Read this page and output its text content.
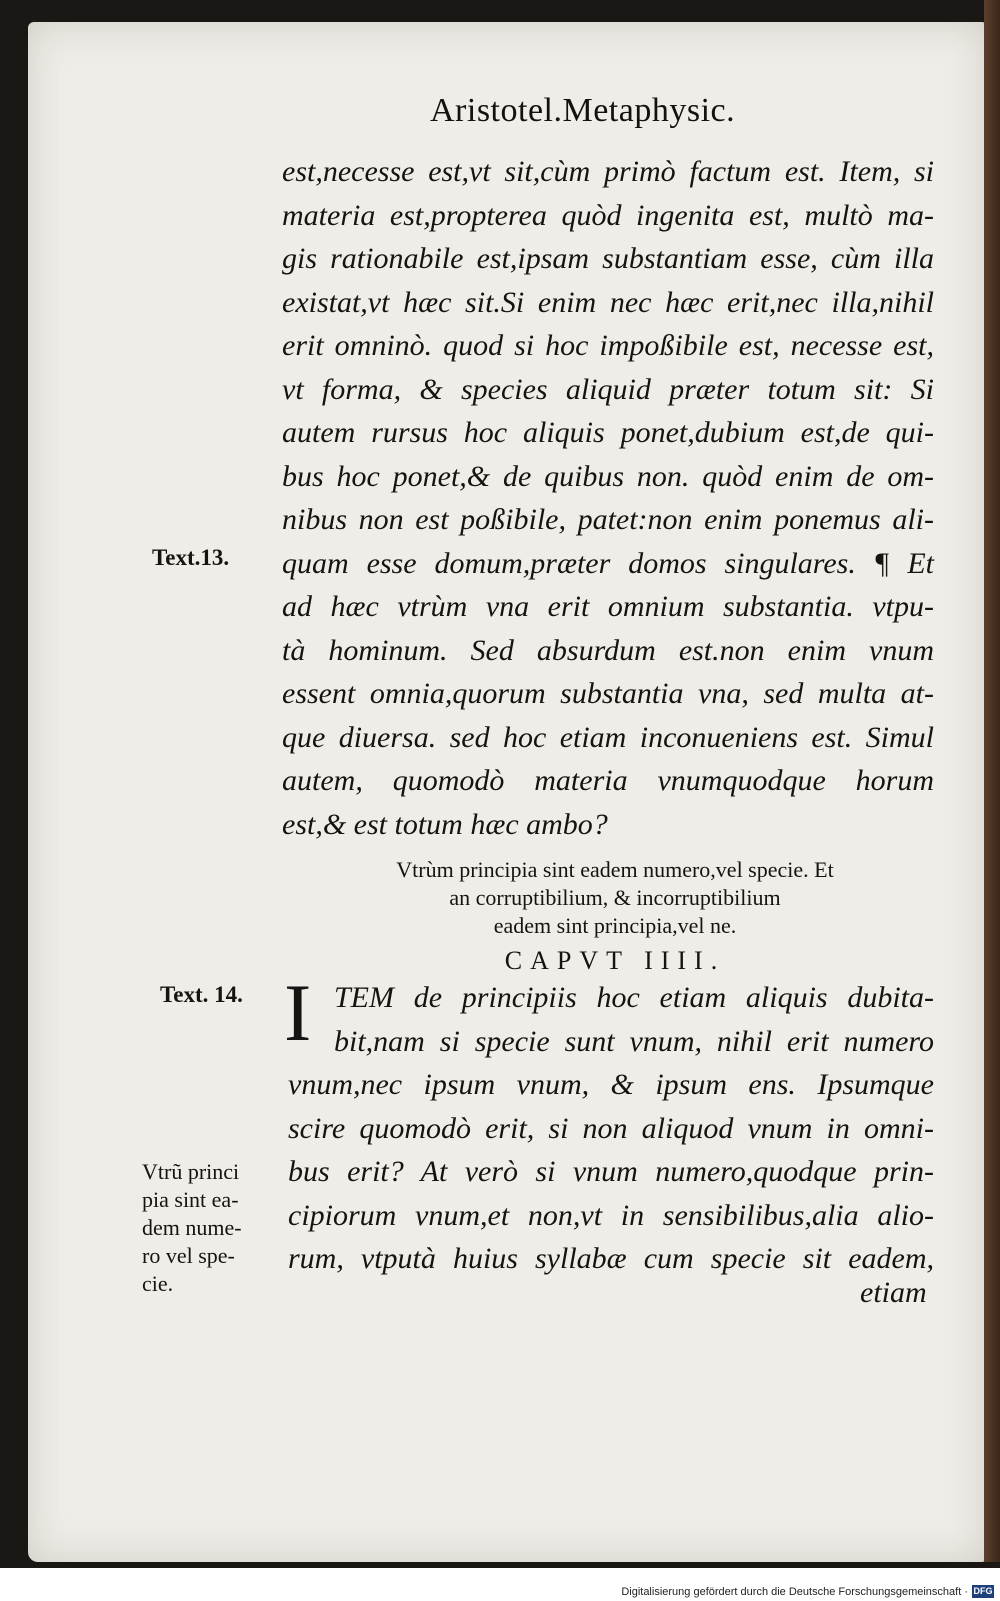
Aristotel.Metaphysic.

est,necesse est,vt sit,cùm primò factum est. Item, si
materia est,propterea quòd ingenita est, multò ma-
gis rationabile est,ipsam substantiam esse, cùm illa
existat,vt hæc sit.Si enim nec hæc erit,nec illa,nihil
erit omninò. quod si hoc impoßibile est, necesse est,
vt forma, & species aliquid præter totum sit: Si
autem rursus hoc aliquis ponet,dubium est,de qui-
bus hoc ponet,& de quibus non. quòd enim de om-
nibus non est poßibile, patet:non enim ponemus ali-
quam esse domum,præter domos singulares. ¶ Et
ad hæc vtrùm vna erit omnium substantia. vtpu-
tà hominum. Sed absurdum est.non enim vnum
essent omnia,quorum substantia vna, sed multa at-
que diuersa. sed hoc etiam inconueniens est. Simul
autem, quomodò materia vnumquodque horum
est,& est totum hæc ambo?

Text.13.
Vtrùm principia sint eadem numero,vel specie. Et
an corruptibilium, & incorruptibilium
eadem sint principia,vel ne.
CAPVT IIII.
Text. 14. I TEM de principiis hoc etiam aliquis dubita-
bit,nam si specie sunt vnum, nihil erit numero
vnum,nec ipsum vnum, & ipsum ens. Ipsumque
scire quomodò erit, si non aliquod vnum in omni-
bus erit? At verò si vnum numero,quodque prin-
cipiorum vnum,et non,vt in sensibilibus,alia alio-
rum, vtputà huius syllabæ cum specie sit eadem,

Vtrũ princi
pia sint ea-
dem nume-
ro vel spe-
cie.	etiam
Digitalisierung gefördert durch die Deutsche Forschungsgemeinschaft · DFG
